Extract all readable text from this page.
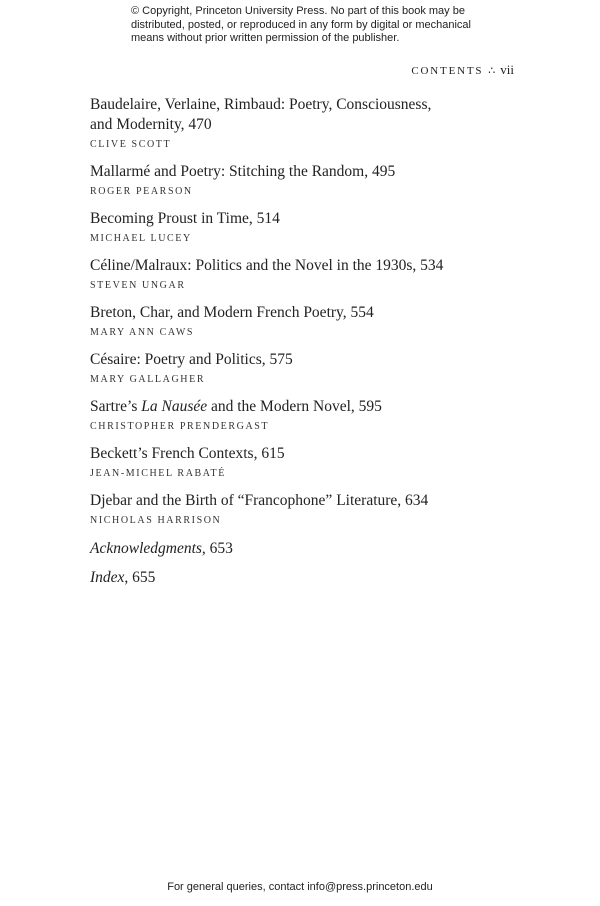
© Copyright, Princeton University Press. No part of this book may be distributed, posted, or reproduced in any form by digital or mechanical means without prior written permission of the publisher.
CONTENTS ∴ vii
Baudelaire, Verlaine, Rimbaud: Poetry, Consciousness,
and Modernity, 470
CLIVE SCOTT
Mallarmé and Poetry: Stitching the Random, 495
ROGER PEARSON
Becoming Proust in Time, 514
MICHAEL LUCEY
Céline/Malraux: Politics and the Novel in the 1930s, 534
STEVEN UNGAR
Breton, Char, and Modern French Poetry, 554
MARY ANN CAWS
Césaire: Poetry and Politics, 575
MARY GALLAGHER
Sartre’s La Nausée and the Modern Novel, 595
CHRISTOPHER PRENDERGAST
Beckett’s French Contexts, 615
JEAN-MICHEL RABATÉ
Djebar and the Birth of “Francophone” Literature, 634
NICHOLAS HARRISON
Acknowledgments, 653
Index, 655
For general queries, contact info@press.princeton.edu
